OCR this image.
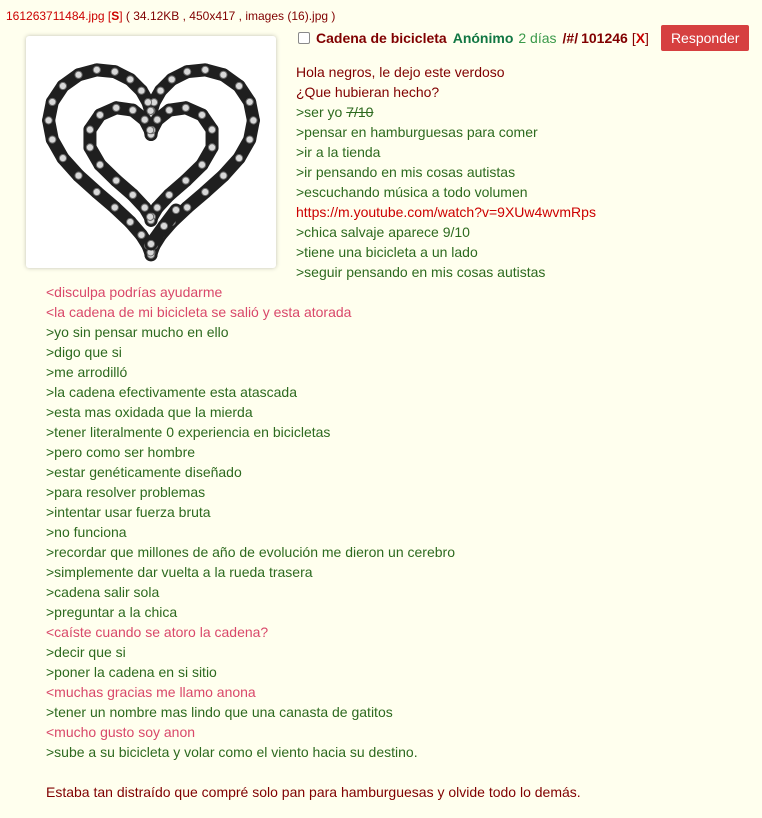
161263711484.jpg [S] ( 34.12KB , 450x417 , images (16).jpg )
Cadena de bicicleta Anónimo 2 días /#/ 101246 [X]	Responder
Hola negros, le dejo este verdoso
¿Que hubieran hecho?
>ser yo 7/10
>pensar en hamburguesas para comer
>ir a la tienda
>ir pensando en mis cosas autistas
>escuchando música a todo volumen
https://m.youtube.com/watch?v=9XUw4wvmRps
>chica salvaje aparece 9/10
>tiene una bicicleta a un lado
>seguir pensando en mis cosas autistas
<disculpa podrías ayudarme
<la cadena de mi bicicleta se salió y esta atorada
>yo sin pensar mucho en ello
>digo que si
>me arrodilló
>la cadena efectivamente esta atascada
>esta mas oxidada que la mierda
>tener literalmente 0 experiencia en bicicletas
>pero como ser hombre
>estar genéticamente diseñado
>para resolver problemas
>intentar usar fuerza bruta
>no funciona
>recordar que millones de año de evolución me dieron un cerebro
>simplemente dar vuelta a la rueda trasera
>cadena salir sola
>preguntar a la chica
<caíste cuando se atoro la cadena?
>decir que si
>poner la cadena en si sitio
<muchas gracias me llamo anona
>tener un nombre mas lindo que una canasta de gatitos
<mucho gusto soy anon
>sube a su bicicleta y volar como el viento hacia su destino.
Estaba tan distraído que compré solo pan para hamburguesas y olvide todo lo demás.
